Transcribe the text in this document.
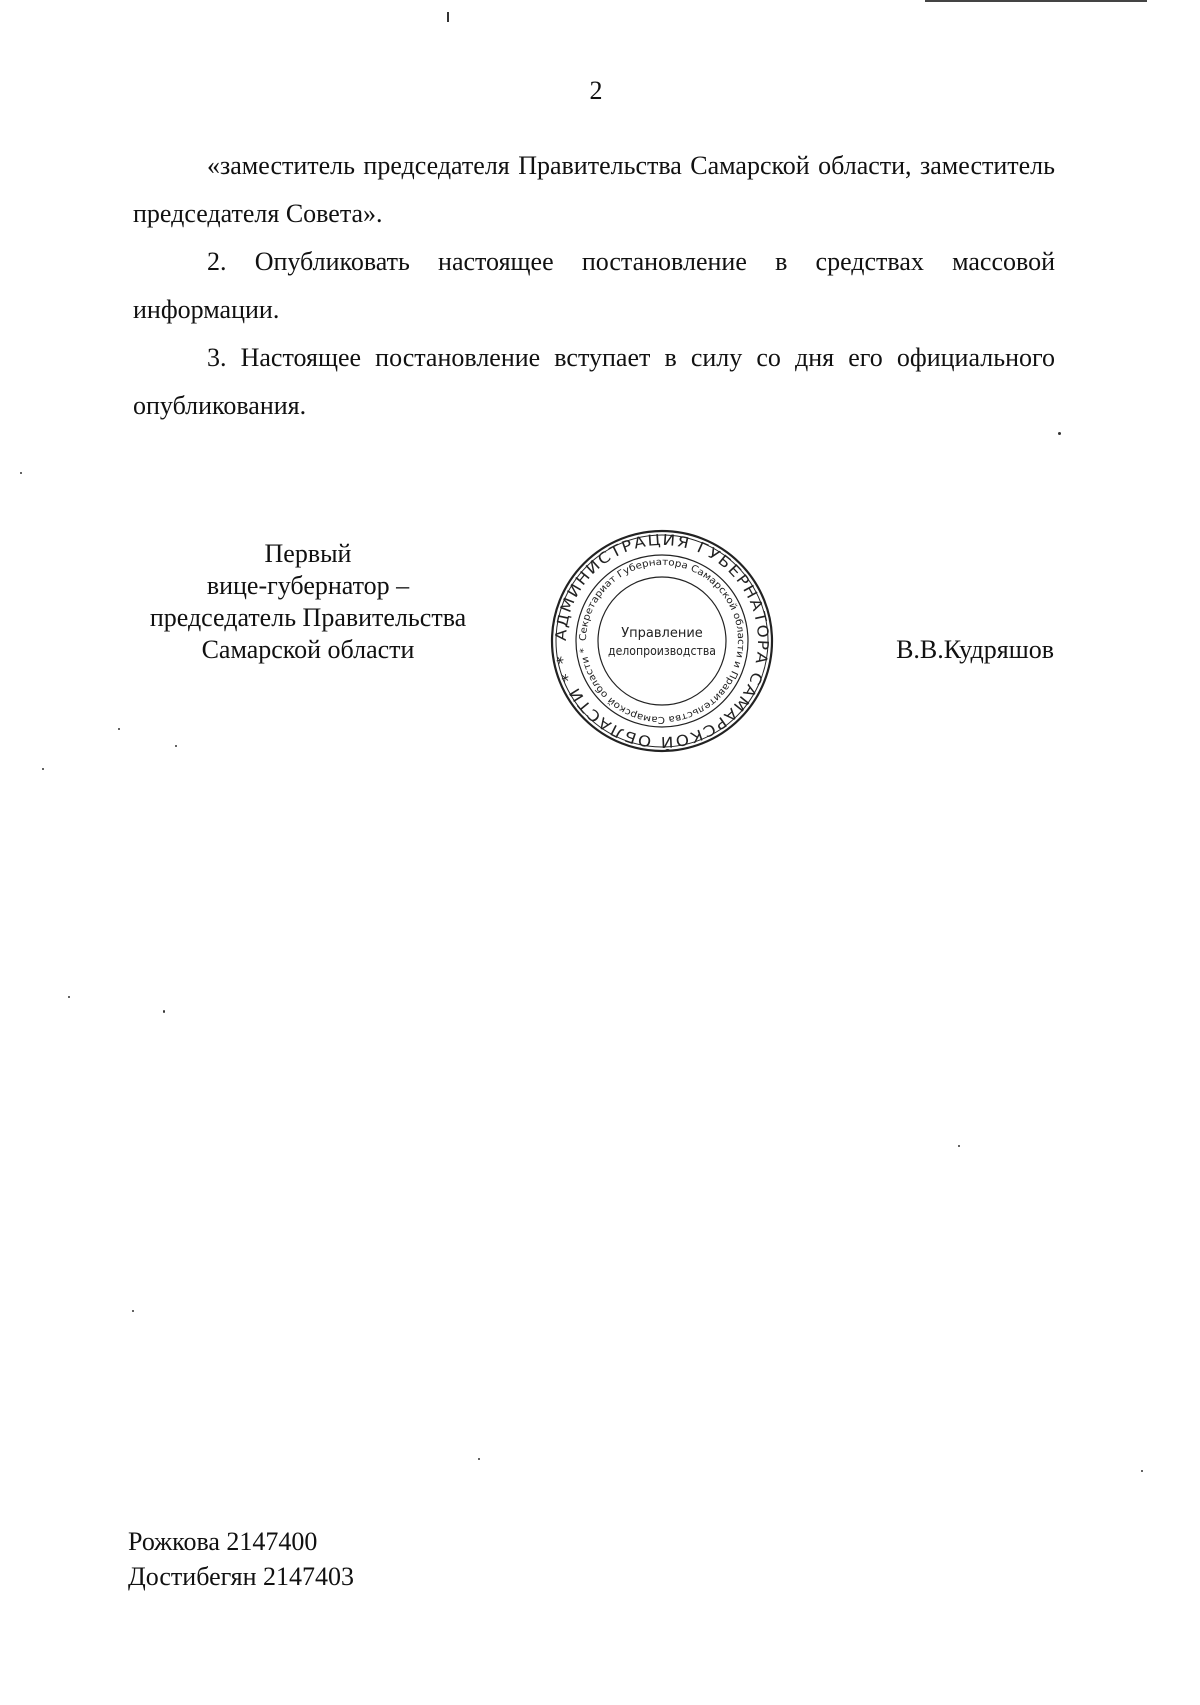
2

«заместитель председателя Правительства Самарской области, заместитель председателя Совета».

2. Опубликовать настоящее постановление в средствах массовой информации.

3. Настоящее постановление вступает в силу со дня его официального опубликования.

Первый
вице-губернатор –
председатель Правительства
Самарской области
АДМИНИСТРАЦИЯ ГУБЕРНАТОРА САМАРСКОЙ ОБЛАСТИ * *
Секретариат Губернатора Самарской области и Правительства Самарской области *
Управление
делопроизводства	В.В.Кудряшов
Рожкова 2147400
Достибегян 2147403
